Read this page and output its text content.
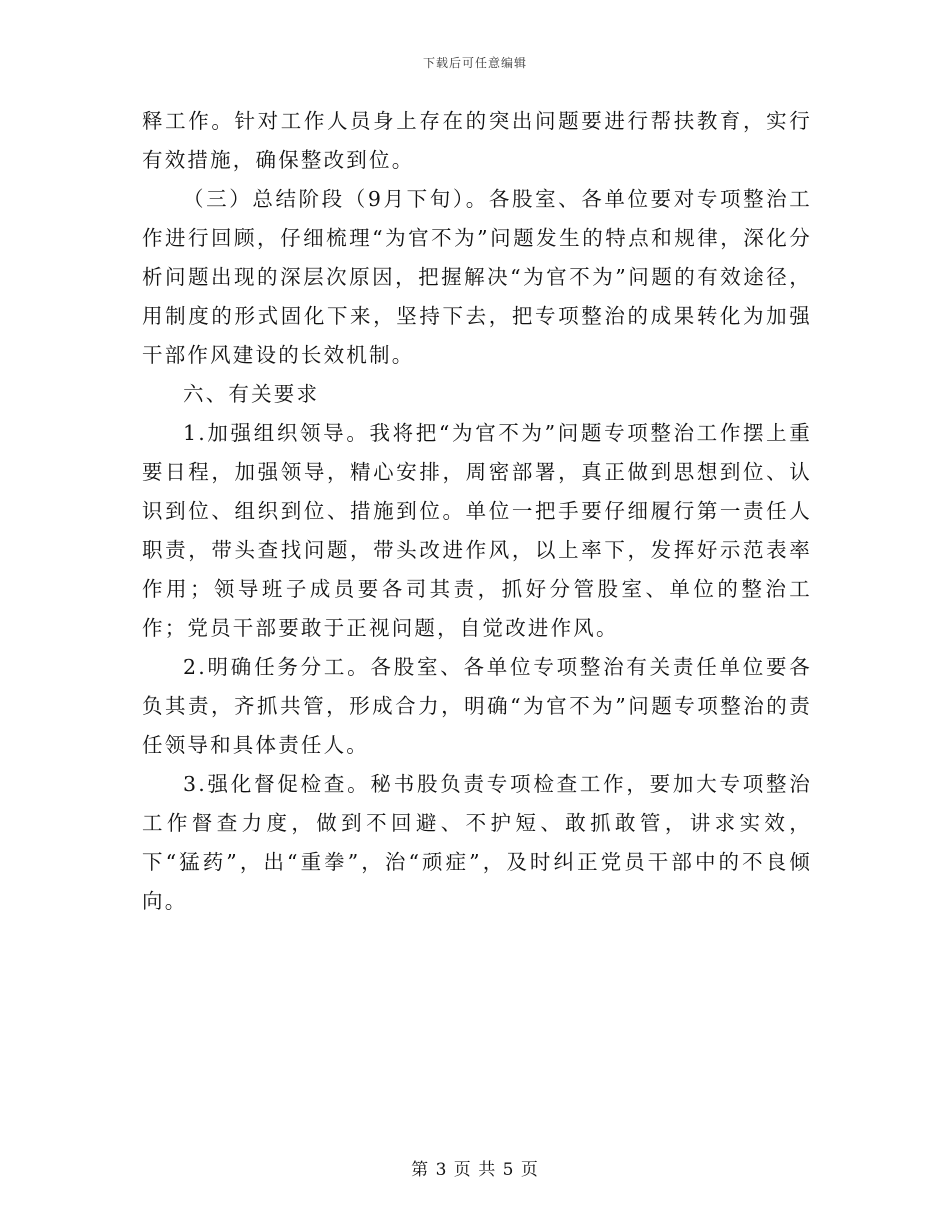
下载后可任意编辑

释工作。针对工作人员身上存在的突出问题要进行帮扶教育，实行有效措施，确保整改到位。

（三）总结阶段（9月下旬）。各股室、各单位要对专项整治工作进行回顾，仔细梳理“为官不为”问题发生的特点和规律，深化分析问题出现的深层次原因，把握解决“为官不为”问题的有效途径，用制度的形式固化下来，坚持下去，把专项整治的成果转化为加强干部作风建设的长效机制。

六、有关要求

1.加强组织领导。我将把“为官不为”问题专项整治工作摆上重要日程，加强领导，精心安排，周密部署，真正做到思想到位、认识到位、组织到位、措施到位。单位一把手要仔细履行第一责任人职责，带头查找问题，带头改进作风，以上率下，发挥好示范表率作用；领导班子成员要各司其责，抓好分管股室、单位的整治工作；党员干部要敢于正视问题，自觉改进作风。

2.明确任务分工。各股室、各单位专项整治有关责任单位要各负其责，齐抓共管，形成合力，明确“为官不为”问题专项整治的责任领导和具体责任人。

3.强化督促检查。秘书股负责专项检查工作，要加大专项整治工作督查力度，做到不回避、不护短、敢抓敢管，讲求实效，下“猛药”，出“重拳”，治“顽症”，及时纠正党员干部中的不良倾向。

第 3 页 共 5 页
